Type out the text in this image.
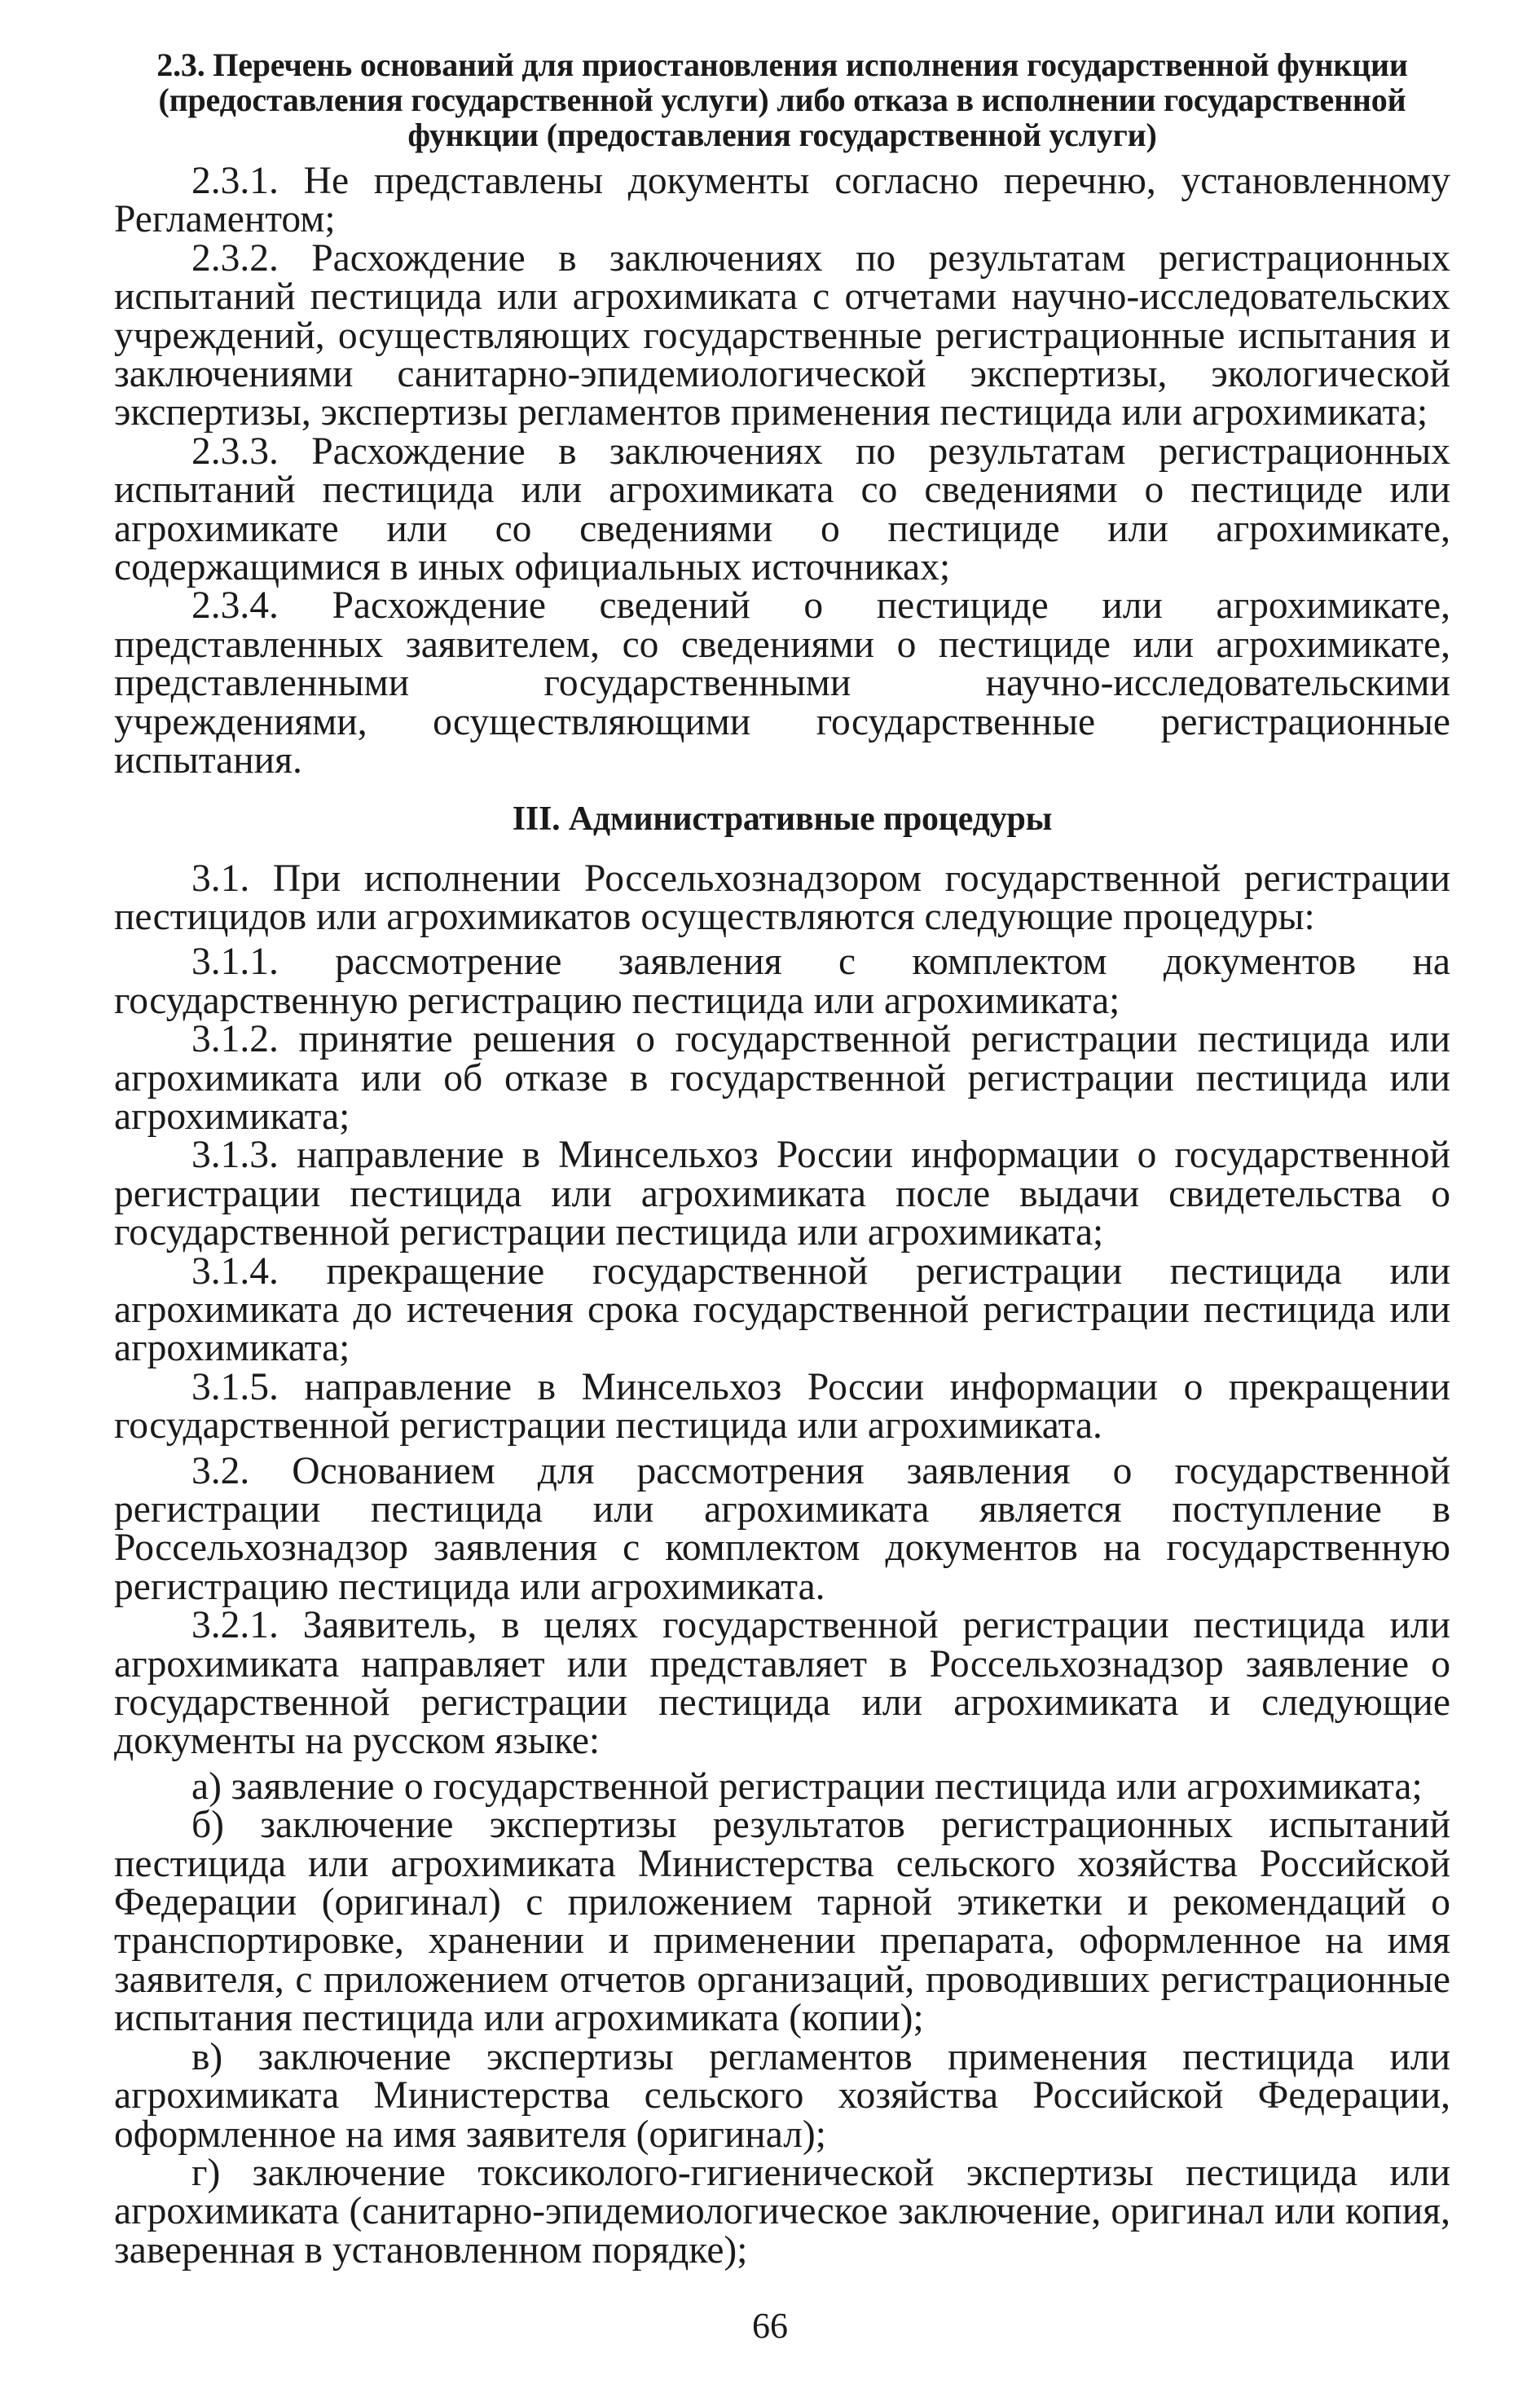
2.3. Перечень оснований для приостановления исполнения государственной функции (предоставления государственной услуги) либо отказа в исполнении государственной функции (предоставления государственной услуги)

2.3.1. Не представлены документы согласно перечню, установленному Регламентом;

2.3.2. Расхождение в заключениях по результатам регистрационных испытаний пестицида или агрохимиката с отчетами научно-исследовательских учреждений, осуществляющих государственные регистрационные испытания и заключениями санитарно-эпидемиологической экспертизы, экологической экспертизы, экспертизы регламентов применения пестицида или агрохимиката;

2.3.3. Расхождение в заключениях по результатам регистрационных испытаний пестицида или агрохимиката со сведениями о пестициде или агрохимикате или со сведениями о пестициде или агрохимикате, содержащимися в иных официальных источниках;

2.3.4. Расхождение сведений о пестициде или агрохимикате, представленных заявителем, со сведениями о пестициде или агрохимикате, представленными государственными научно-исследовательскими учреждениями, осуществляющими государственные регистрационные испытания.

III. Административные процедуры

3.1. При исполнении Россельхознадзором государственной регистрации пестицидов или агрохимикатов осуществляются следующие процедуры:

3.1.1. рассмотрение заявления с комплектом документов на государственную регистрацию пестицида или агрохимиката;

3.1.2. принятие решения о государственной регистрации пестицида или агрохимиката или об отказе в государственной регистрации пестицида или агрохимиката;

3.1.3. направление в Минсельхоз России информации о государственной регистрации пестицида или агрохимиката после выдачи свидетельства о государственной регистрации пестицида или агрохимиката;

3.1.4. прекращение государственной регистрации пестицида или агрохимиката до истечения срока государственной регистрации пестицида или агрохимиката;

3.1.5. направление в Минсельхоз России информации о прекращении государственной регистрации пестицида или агрохимиката.

3.2. Основанием для рассмотрения заявления о государственной регистрации пестицида или агрохимиката является поступление в Россельхознадзор заявления с комплектом документов на государственную регистрацию пестицида или агрохимиката.

3.2.1. Заявитель, в целях государственной регистрации пестицида или агрохимиката направляет или представляет в Россельхознадзор заявление о государственной регистрации пестицида или агрохимиката и следующие документы на русском языке:

а) заявление о государственной регистрации пестицида или агрохимиката;

б) заключение экспертизы результатов регистрационных испытаний пестицида или агрохимиката Министерства сельского хозяйства Российской Федерации (оригинал) с приложением тарной этикетки и рекомендаций о транспортировке, хранении и применении препарата, оформленное на имя заявителя, с приложением отчетов организаций, проводивших регистрационные испытания пестицида или агрохимиката (копии);

в) заключение экспертизы регламентов применения пестицида или агрохимиката Министерства сельского хозяйства Российской Федерации, оформленное на имя заявителя (оригинал);

г) заключение токсиколого-гигиенической экспертизы пестицида или агрохимиката (санитарно-эпидемиологическое заключение, оригинал или копия, заверенная в установленном порядке);

66
